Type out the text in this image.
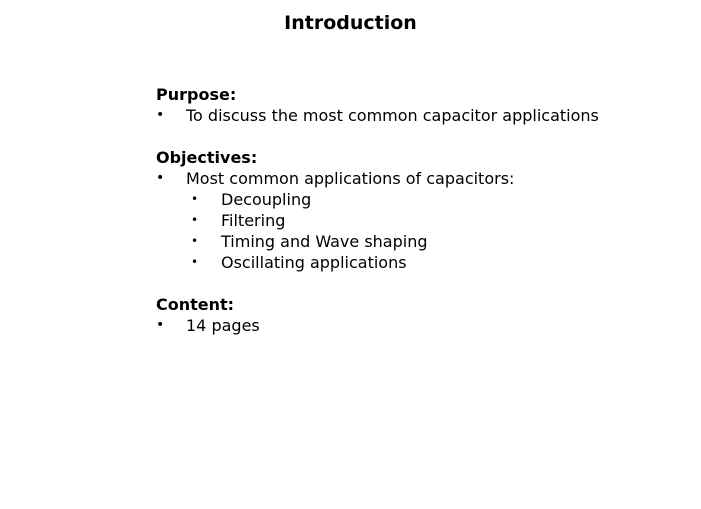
Introduction
Purpose:
•	To discuss the most common capacitor applications
Objectives:
•	Most common applications of capacitors:
• Decoupling
• Filtering
• Timing and Wave shaping
• Oscillating applications
Content:
•	14 pages
